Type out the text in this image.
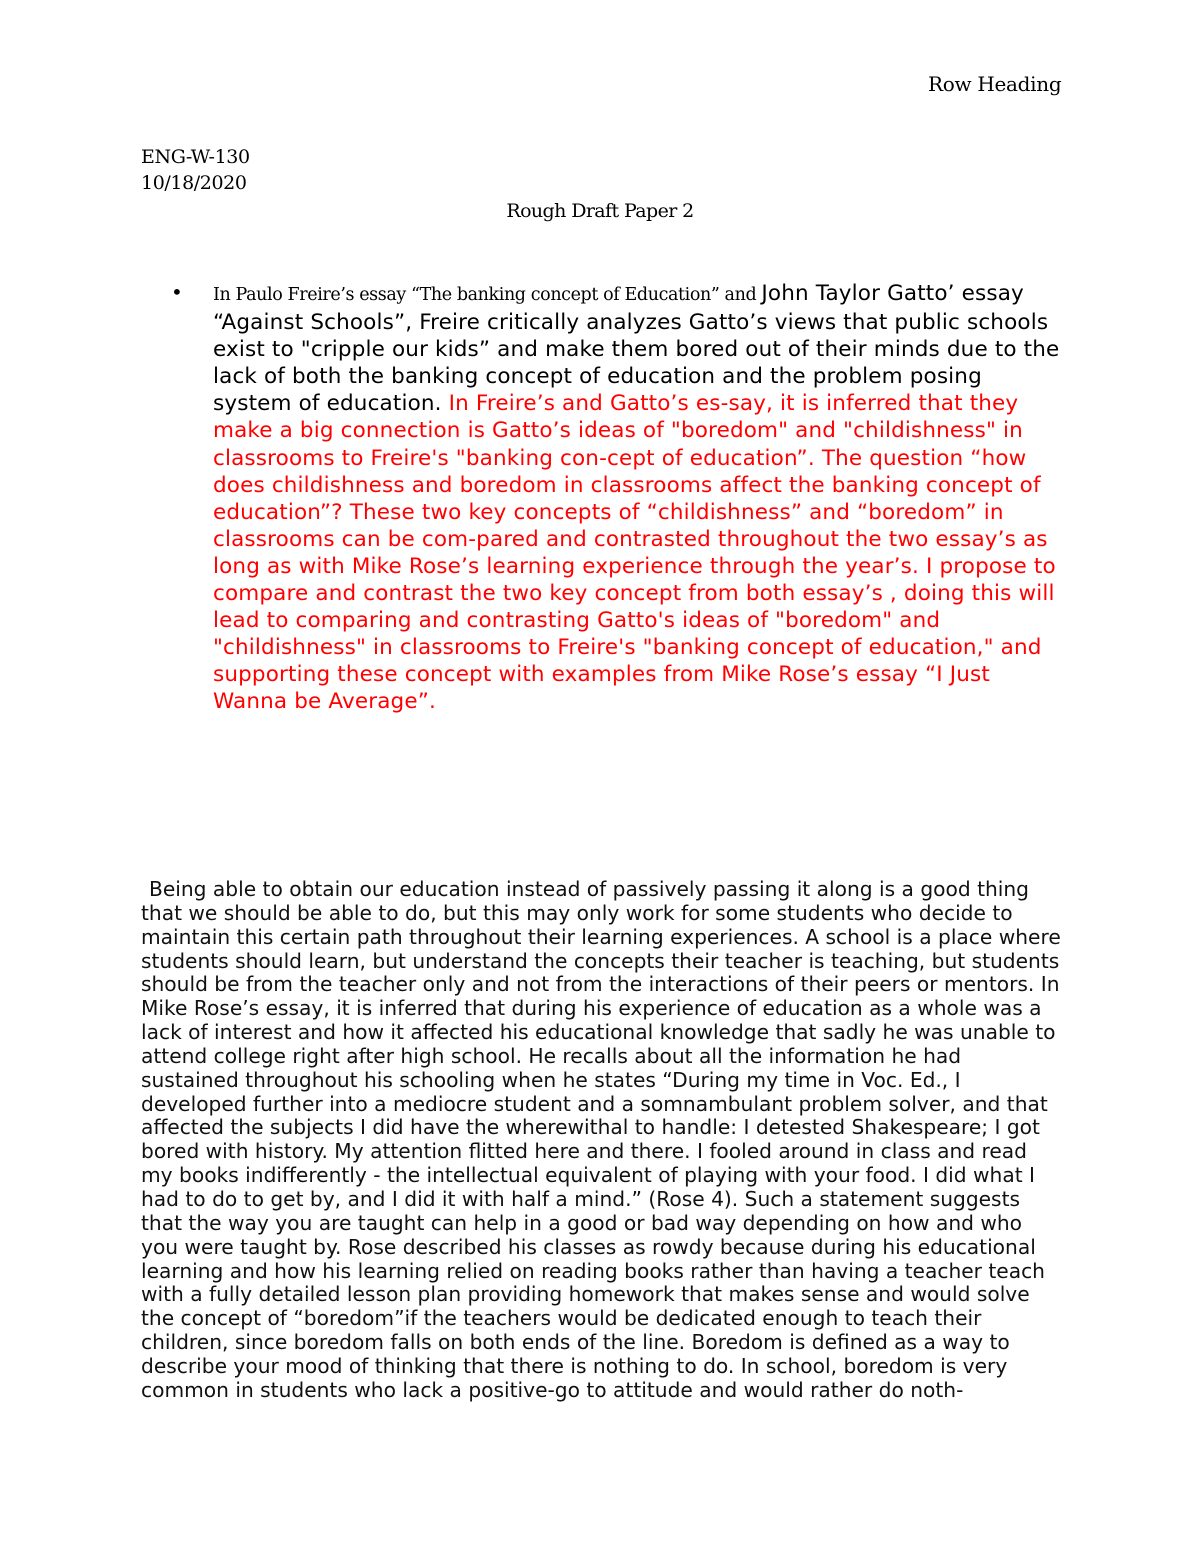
Row Heading
ENG-W-130
10/18/2020
Rough Draft Paper 2
• In Paulo Freire’s essay “The banking concept of Education” and John Taylor Gatto’ essay “Against Schools”, Freire critically analyzes Gatto’s views that public schools exist to "cripple our kids” and make them bored out of their minds due to the lack of both the banking concept of education and the problem posing system of education. In Freire’s and Gatto’s es-say, it is inferred that they make a big connection is Gatto’s ideas of "boredom" and "childishness" in classrooms to Freire's "banking con-cept of education”. The question “how does childishness and boredom in classrooms affect the banking concept of education”? These two key concepts of “childishness” and “boredom” in classrooms can be com-pared and contrasted throughout the two essay’s as long as with Mike Rose’s learning experience through the year’s. I propose to compare and contrast the two key concept from both essay’s , doing this will lead to comparing and contrasting Gatto's ideas of "boredom" and "childishness" in classrooms to Freire's "banking concept of education," and supporting these concept with examples from Mike Rose’s essay “I Just Wanna be Average”.
Being able to obtain our education instead of passively passing it along is a good thing that we should be able to do, but this may only work for some students who decide to maintain this certain path throughout their learning experiences. A school is a place where students should learn, but understand the concepts their teacher is teaching, but students should be from the teacher only and not from the interactions of their peers or mentors. In Mike Rose’s essay, it is inferred that during his experience of education as a whole was a lack of interest and how it affected his educational knowledge that sadly he was unable to attend college right after high school. He recalls about all the information he had sustained throughout his schooling when he states “During my time in Voc. Ed., I developed further into a mediocre student and a somnambulant problem solver, and that affected the subjects I did have the wherewithal to handle: I detested Shakespeare; I got bored with history. My attention flitted here and there. I fooled around in class and read my books indifferently - the intellectual equivalent of playing with your food. I did what I had to do to get by, and I did it with half a mind.” (Rose 4). Such a statement suggests that the way you are taught can help in a good or bad way depending on how and who you were taught by. Rose described his classes as rowdy because during his educational learning and how his learning relied on reading books rather than having a teacher teach with a fully detailed lesson plan providing homework that makes sense and would solve the concept of “boredom”if the teachers would be dedicated enough to teach their children, since boredom falls on both ends of the line. Boredom is defined as a way to describe your mood of thinking that there is nothing to do. In school, boredom is very common in students who lack a positive-go to attitude and would rather do noth-
